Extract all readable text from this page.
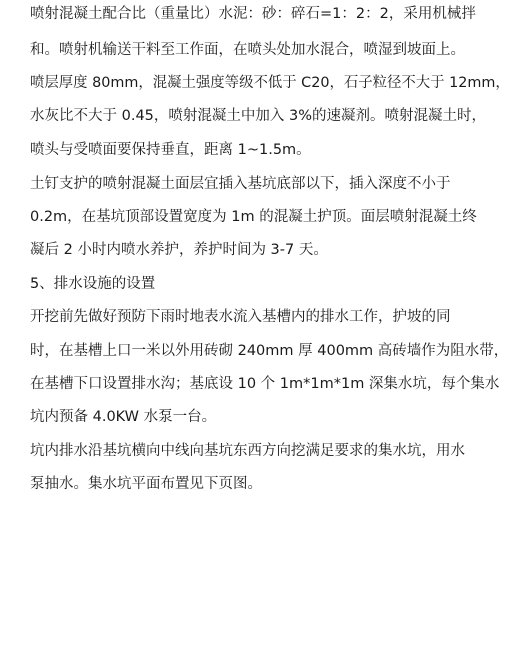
喷射混凝土配合比（重量比）水泥：砂：碎石=1：2：2，采用机械拌
和。喷射机输送干料至工作面，在喷头处加水混合，喷湿到坡面上。
喷层厚度 80mm，混凝土强度等级不低于 C20，石子粒径不大于 12mm，
水灰比不大于 0.45，喷射混凝土中加入 3%的速凝剂。喷射混凝土时，
喷头与受喷面要保持垂直，距离 1~1.5m。
土钉支护的喷射混凝土面层宜插入基坑底部以下，插入深度不小于
0.2m，在基坑顶部设置宽度为 1m 的混凝土护顶。面层喷射混凝土终
凝后 2 小时内喷水养护，养护时间为 3-7 天。
5、排水设施的设置
开挖前先做好预防下雨时地表水流入基槽内的排水工作，护坡的同
时，在基槽上口一米以外用砖砌 240mm 厚 400mm 高砖墙作为阻水带，
在基槽下口设置排水沟；基底设 10 个 1m*1m*1m 深集水坑，每个集水
坑内预备 4.0KW 水泵一台。
坑内排水沿基坑横向中线向基坑东西方向挖满足要求的集水坑，用水
泵抽水。集水坑平面布置见下页图。
